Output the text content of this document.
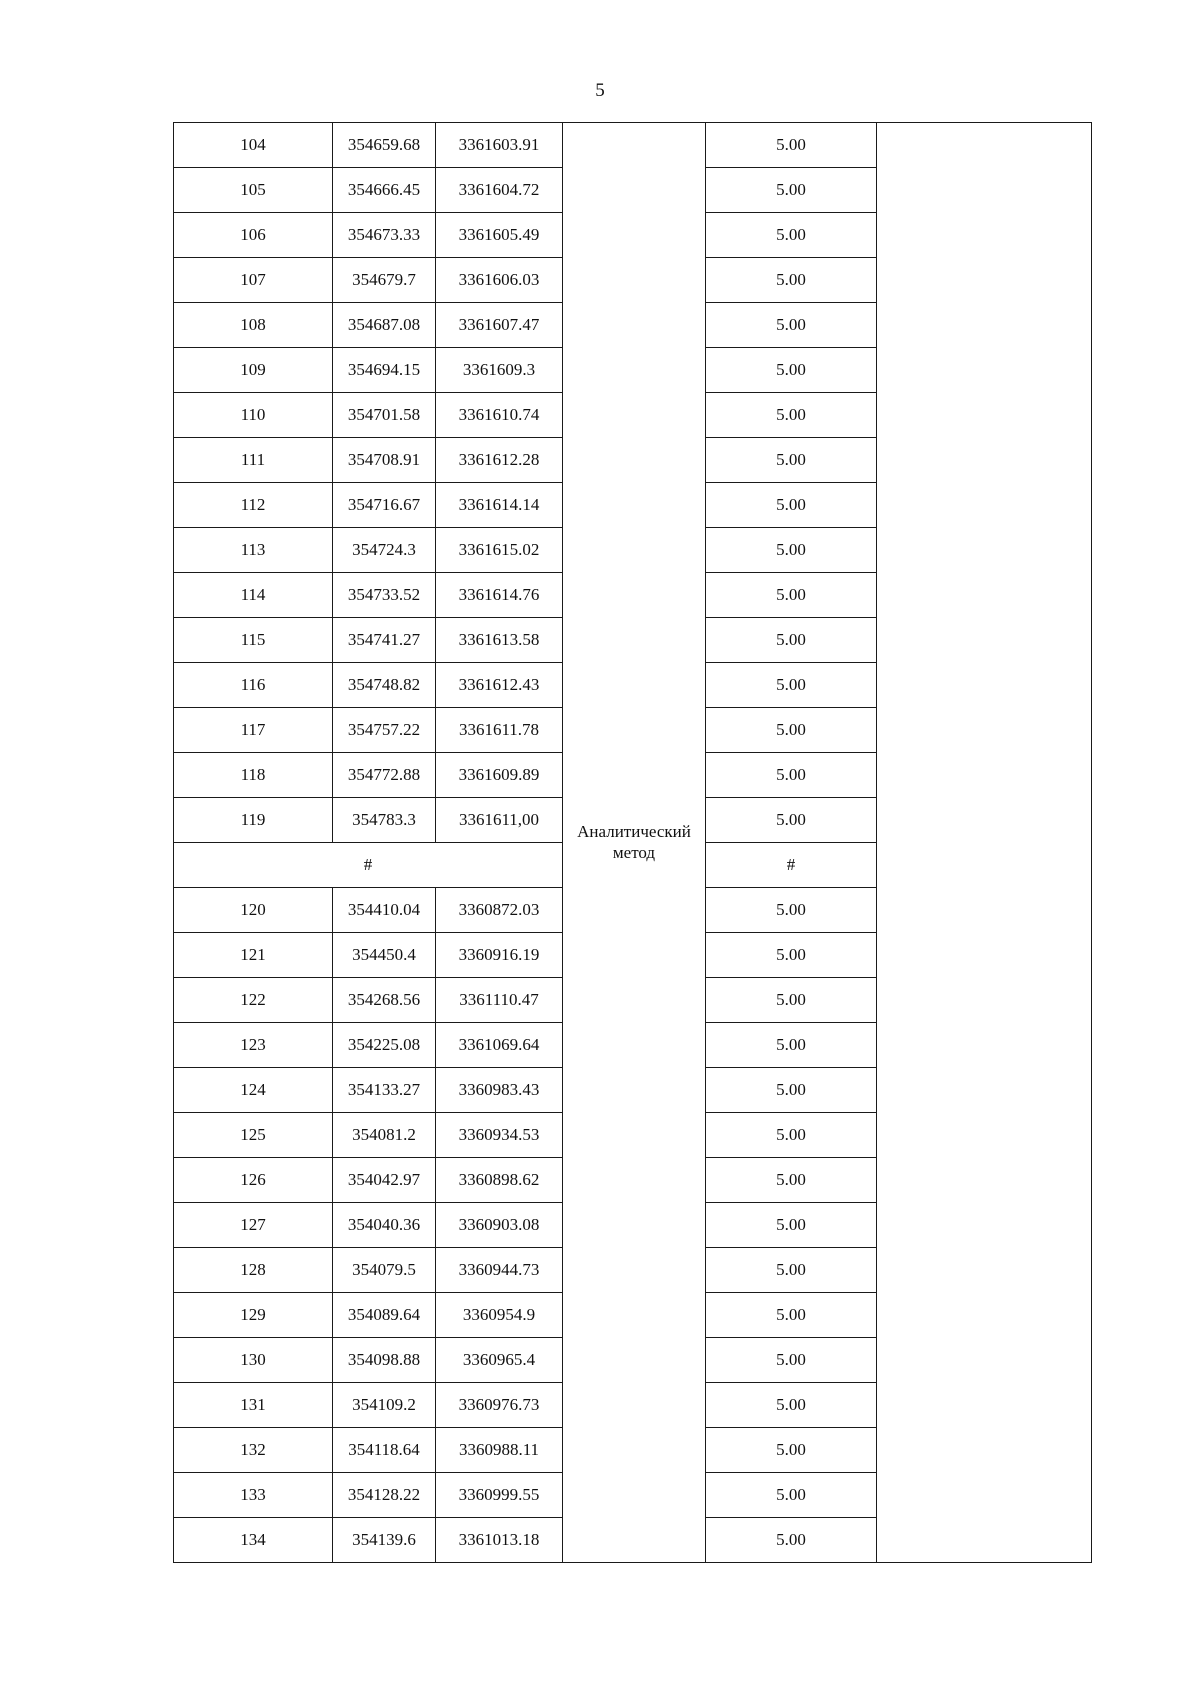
5
104	354659.68	3361603.91	Аналитический метод	5.00	
105	354666.45	3361604.72		5.00	
106	354673.33	3361605.49		5.00	
107	354679.7	3361606.03		5.00	
108	354687.08	3361607.47		5.00	
109	354694.15	3361609.3		5.00	
110	354701.58	3361610.74		5.00	
111	354708.91	3361612.28		5.00	
112	354716.67	3361614.14		5.00	
113	354724.3	3361615.02		5.00	
114	354733.52	3361614.76		5.00	
115	354741.27	3361613.58		5.00	
116	354748.82	3361612.43		5.00	
117	354757.22	3361611.78		5.00	
118	354772.88	3361609.89		5.00	
119	354783.3	3361611,00		5.00	
#				#	
120	354410.04	3360872.03		5.00	
121	354450.4	3360916.19		5.00	
122	354268.56	3361110.47		5.00	
123	354225.08	3361069.64		5.00	
124	354133.27	3360983.43		5.00	
125	354081.2	3360934.53		5.00	
126	354042.97	3360898.62		5.00	
127	354040.36	3360903.08		5.00	
128	354079.5	3360944.73		5.00	
129	354089.64	3360954.9		5.00	
130	354098.88	3360965.4		5.00	
131	354109.2	3360976.73		5.00	
132	354118.64	3360988.11		5.00	
133	354128.22	3360999.55		5.00	
134	354139.6	3361013.18		5.00	
